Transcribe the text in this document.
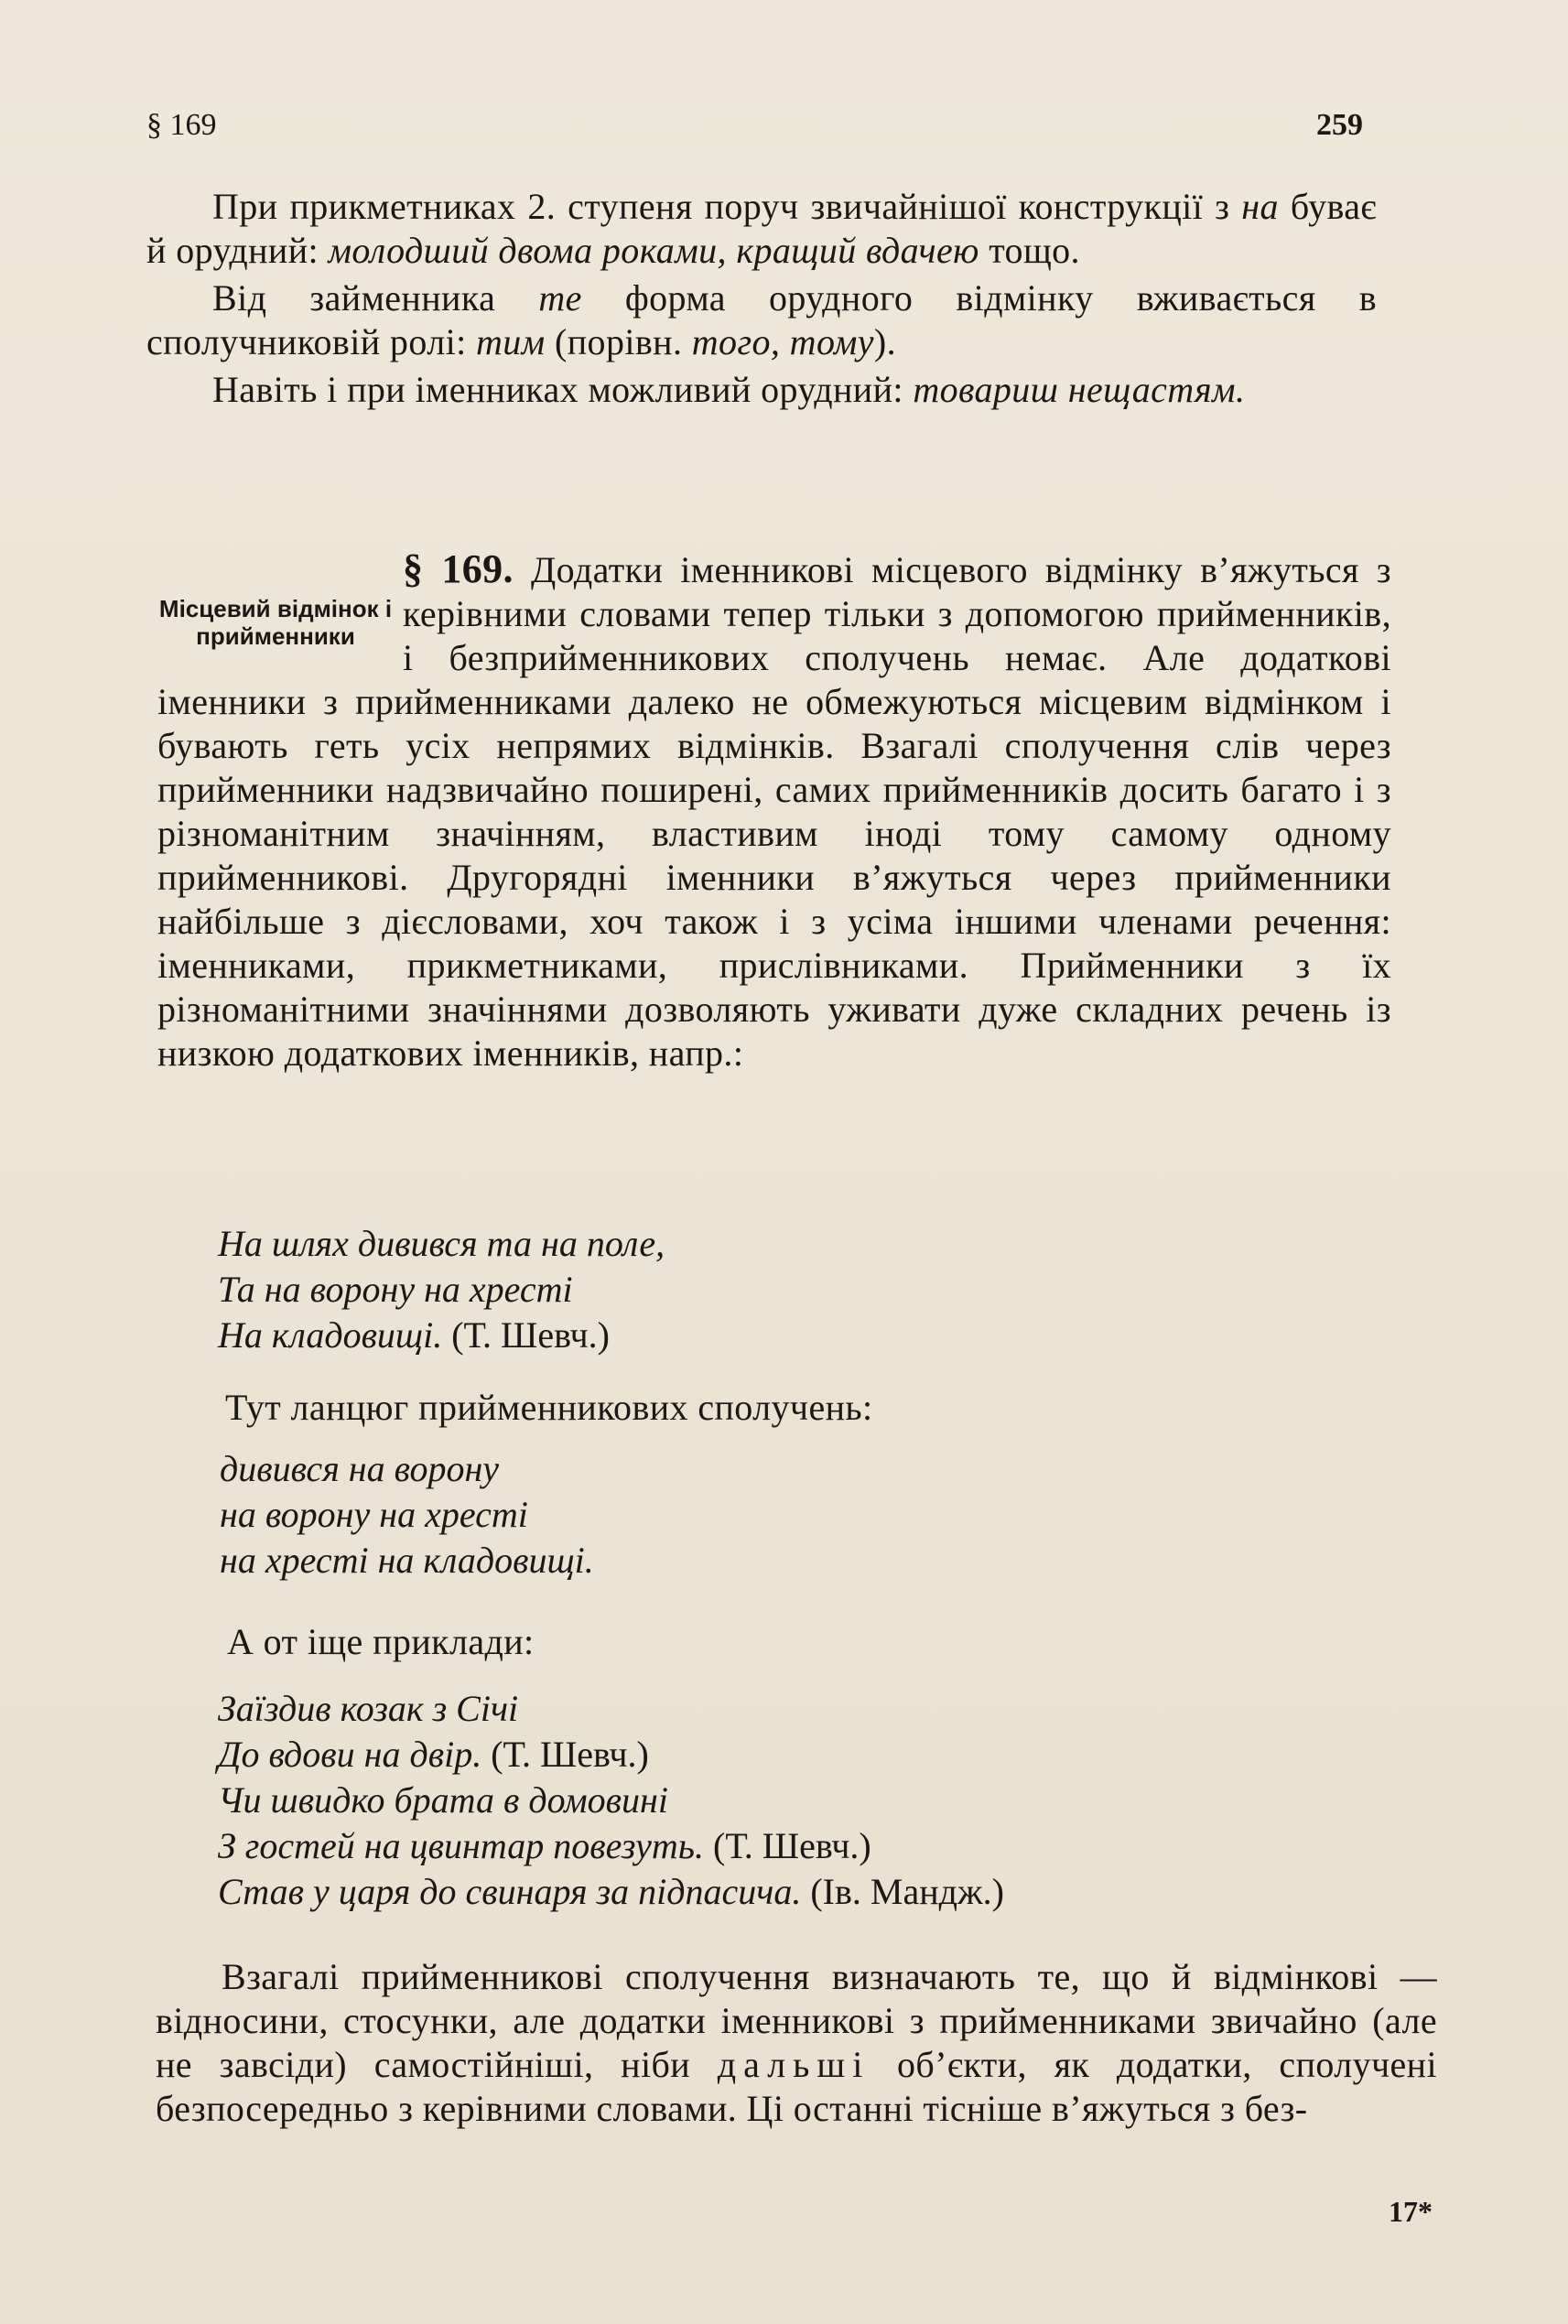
§ 169	259

При прикметниках 2. ступеня поруч звичайнішої конструкції з на буває й орудний: молодший двома роками, кращий вдачею тощо.

Від займенника те форма орудного відмінку вживається в сполучниковій ролі: тим (порівн. того, тому).

Навіть і при іменниках можливий орудний: товариш нещастям.

Місцевий відмінок і прийменники

§ 169. Додатки іменникові місцевого відмінку в’яжуться з керівними словами тепер тільки з допомогою прийменників, і безприйменникових сполучень немає. Але додаткові іменники з прийменниками далеко не обмежуються місцевим відмінком і бувають геть усіх непрямих відмінків. Взагалі сполучення слів через прийменники надзвичайно поширені, самих прийменників досить багато і з різноманітним значінням, властивим іноді тому самому одному прийменникові. Другорядні іменники в’яжуться через прийменники найбільше з дієсловами, хоч також і з усіма іншими членами речення: іменниками, прикметниками, прислівниками. Прийменники з їх різноманітними значіннями дозволяють уживати дуже складних речень із низкою додаткових іменників, напр.:

На шлях дивився та на поле,
Та на ворону на хресті
На кладовищі. (Т. Шевч.)
Тут ланцюг прийменникових сполучень:
дивився на ворону
на ворону на хресті
на хресті на кладовищі.
А от іще приклади:
Заїздив козак з Січі
До вдови на двір. (Т. Шевч.)
Чи швидко брата в домовині
З гостей на цвинтар повезуть. (Т. Шевч.)
Став у царя до свинаря за підпасича. (Ів. Мандж.)

Взагалі прийменникові сполучення визначають те, що й відмінкові — відносини, стосунки, але додатки іменникові з прийменниками звичайно (але не завсіди) самостійніші, ніби дальші об’єкти, як додатки, сполучені безпосередньо з керівними словами. Ці останні тісніше в’яжуться з без-

17*
